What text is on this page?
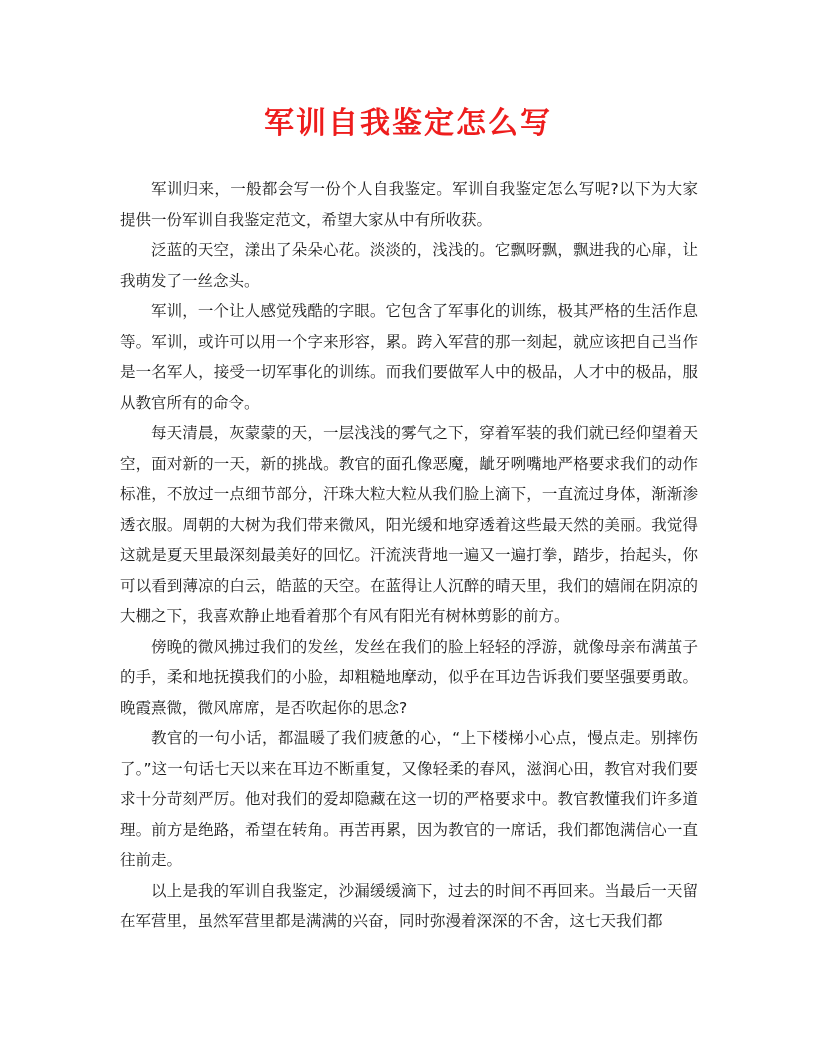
军训自我鉴定怎么写

军训归来，一般都会写一份个人自我鉴定。军训自我鉴定怎么写呢?以下为大家提供一份军训自我鉴定范文，希望大家从中有所收获。

泛蓝的天空，漾出了朵朵心花。淡淡的，浅浅的。它飘呀飘，飘进我的心扉，让我萌发了一丝念头。

军训，一个让人感觉残酷的字眼。它包含了军事化的训练，极其严格的生活作息等。军训，或许可以用一个字来形容，累。跨入军营的那一刻起，就应该把自己当作是一名军人，接受一切军事化的训练。而我们要做军人中的极品，人才中的极品，服从教官所有的命令。

每天清晨，灰蒙蒙的天，一层浅浅的雾气之下，穿着军装的我们就已经仰望着天空，面对新的一天，新的挑战。教官的面孔像恶魔，龇牙咧嘴地严格要求我们的动作标准，不放过一点细节部分，汗珠大粒大粒从我们脸上滴下，一直流过身体，渐渐渗透衣服。周朝的大树为我们带来微风，阳光缓和地穿透着这些最天然的美丽。我觉得这就是夏天里最深刻最美好的回忆。汗流浃背地一遍又一遍打拳，踏步，抬起头，你可以看到薄凉的白云，皓蓝的天空。在蓝得让人沉醉的晴天里，我们的嬉闹在阴凉的大棚之下，我喜欢静止地看着那个有风有阳光有树林剪影的前方。

傍晚的微风拂过我们的发丝，发丝在我们的脸上轻轻的浮游，就像母亲布满茧子的手，柔和地抚摸我们的小脸，却粗糙地摩动，似乎在耳边告诉我们要坚强要勇敢。晚霞熹微，微风席席，是否吹起你的思念?

教官的一句小话，都温暖了我们疲惫的心，“上下楼梯小心点，慢点走。别摔伤了。”这一句话七天以来在耳边不断重复，又像轻柔的春风，滋润心田，教官对我们要求十分苛刻严厉。他对我们的爱却隐藏在这一切的严格要求中。教官教懂我们许多道理。前方是绝路，希望在转角。再苦再累，因为教官的一席话，我们都饱满信心一直往前走。

以上是我的军训自我鉴定，沙漏缓缓滴下，过去的时间不再回来。当最后一天留在军营里，虽然军营里都是满满的兴奋，同时弥漫着深深的不舍，这七天我们都
